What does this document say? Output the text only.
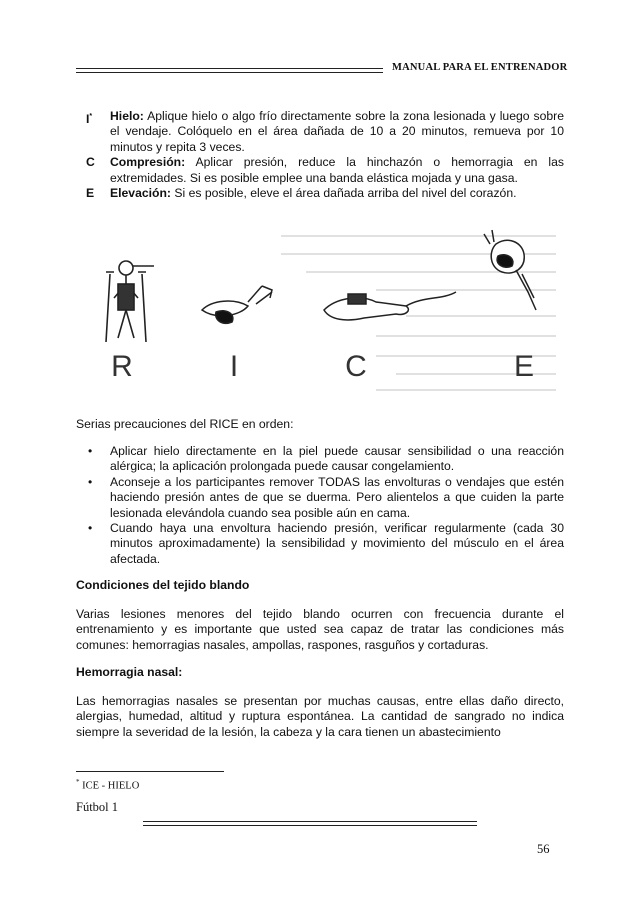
MANUAL PARA EL ENTRENADOR
I* Hielo: Aplique hielo o algo frío directamente sobre la zona lesionada y luego sobre el vendaje. Colóquelo en el área dañada de 10 a 20 minutos, remueva por 10 minutos y repita 3 veces.
C Compresión: Aplicar presión, reduce la hinchazón o hemorragia en las extremidades. Si es posible emplee una banda elástica mojada y una gasa.
E Elevación: Si es posible, eleve el área dañada arriba del nivel del corazón.
R	I	C	E
Serias precauciones del RICE en orden:
• Aplicar hielo directamente en la piel puede causar sensibilidad o una reacción alérgica; la aplicación prolongada puede causar congelamiento.
• Aconseje a los participantes remover TODAS las envolturas o vendajes que estén haciendo presión antes de que se duerma. Pero alientelos a que cuiden la parte lesionada elevándola cuando sea posible aún en cama.
• Cuando haya una envoltura haciendo presión, verificar regularmente (cada 30 minutos aproximadamente) la sensibilidad y movimiento del músculo en el área afectada.
Condiciones del tejido blando
Varias lesiones menores del tejido blando ocurren con frecuencia durante el entrenamiento y es importante que usted sea capaz de tratar las condiciones más comunes: hemorragias nasales, ampollas, raspones, rasguños y cortaduras.
Hemorragia nasal:
Las hemorragias nasales se presentan por muchas causas, entre ellas daño directo, alergias, humedad, altitud y ruptura espontánea. La cantidad de sangrado no indica siempre la severidad de la lesión, la cabeza y la cara tienen un abastecimiento
* ICE - HIELO
Fútbol 1
56
